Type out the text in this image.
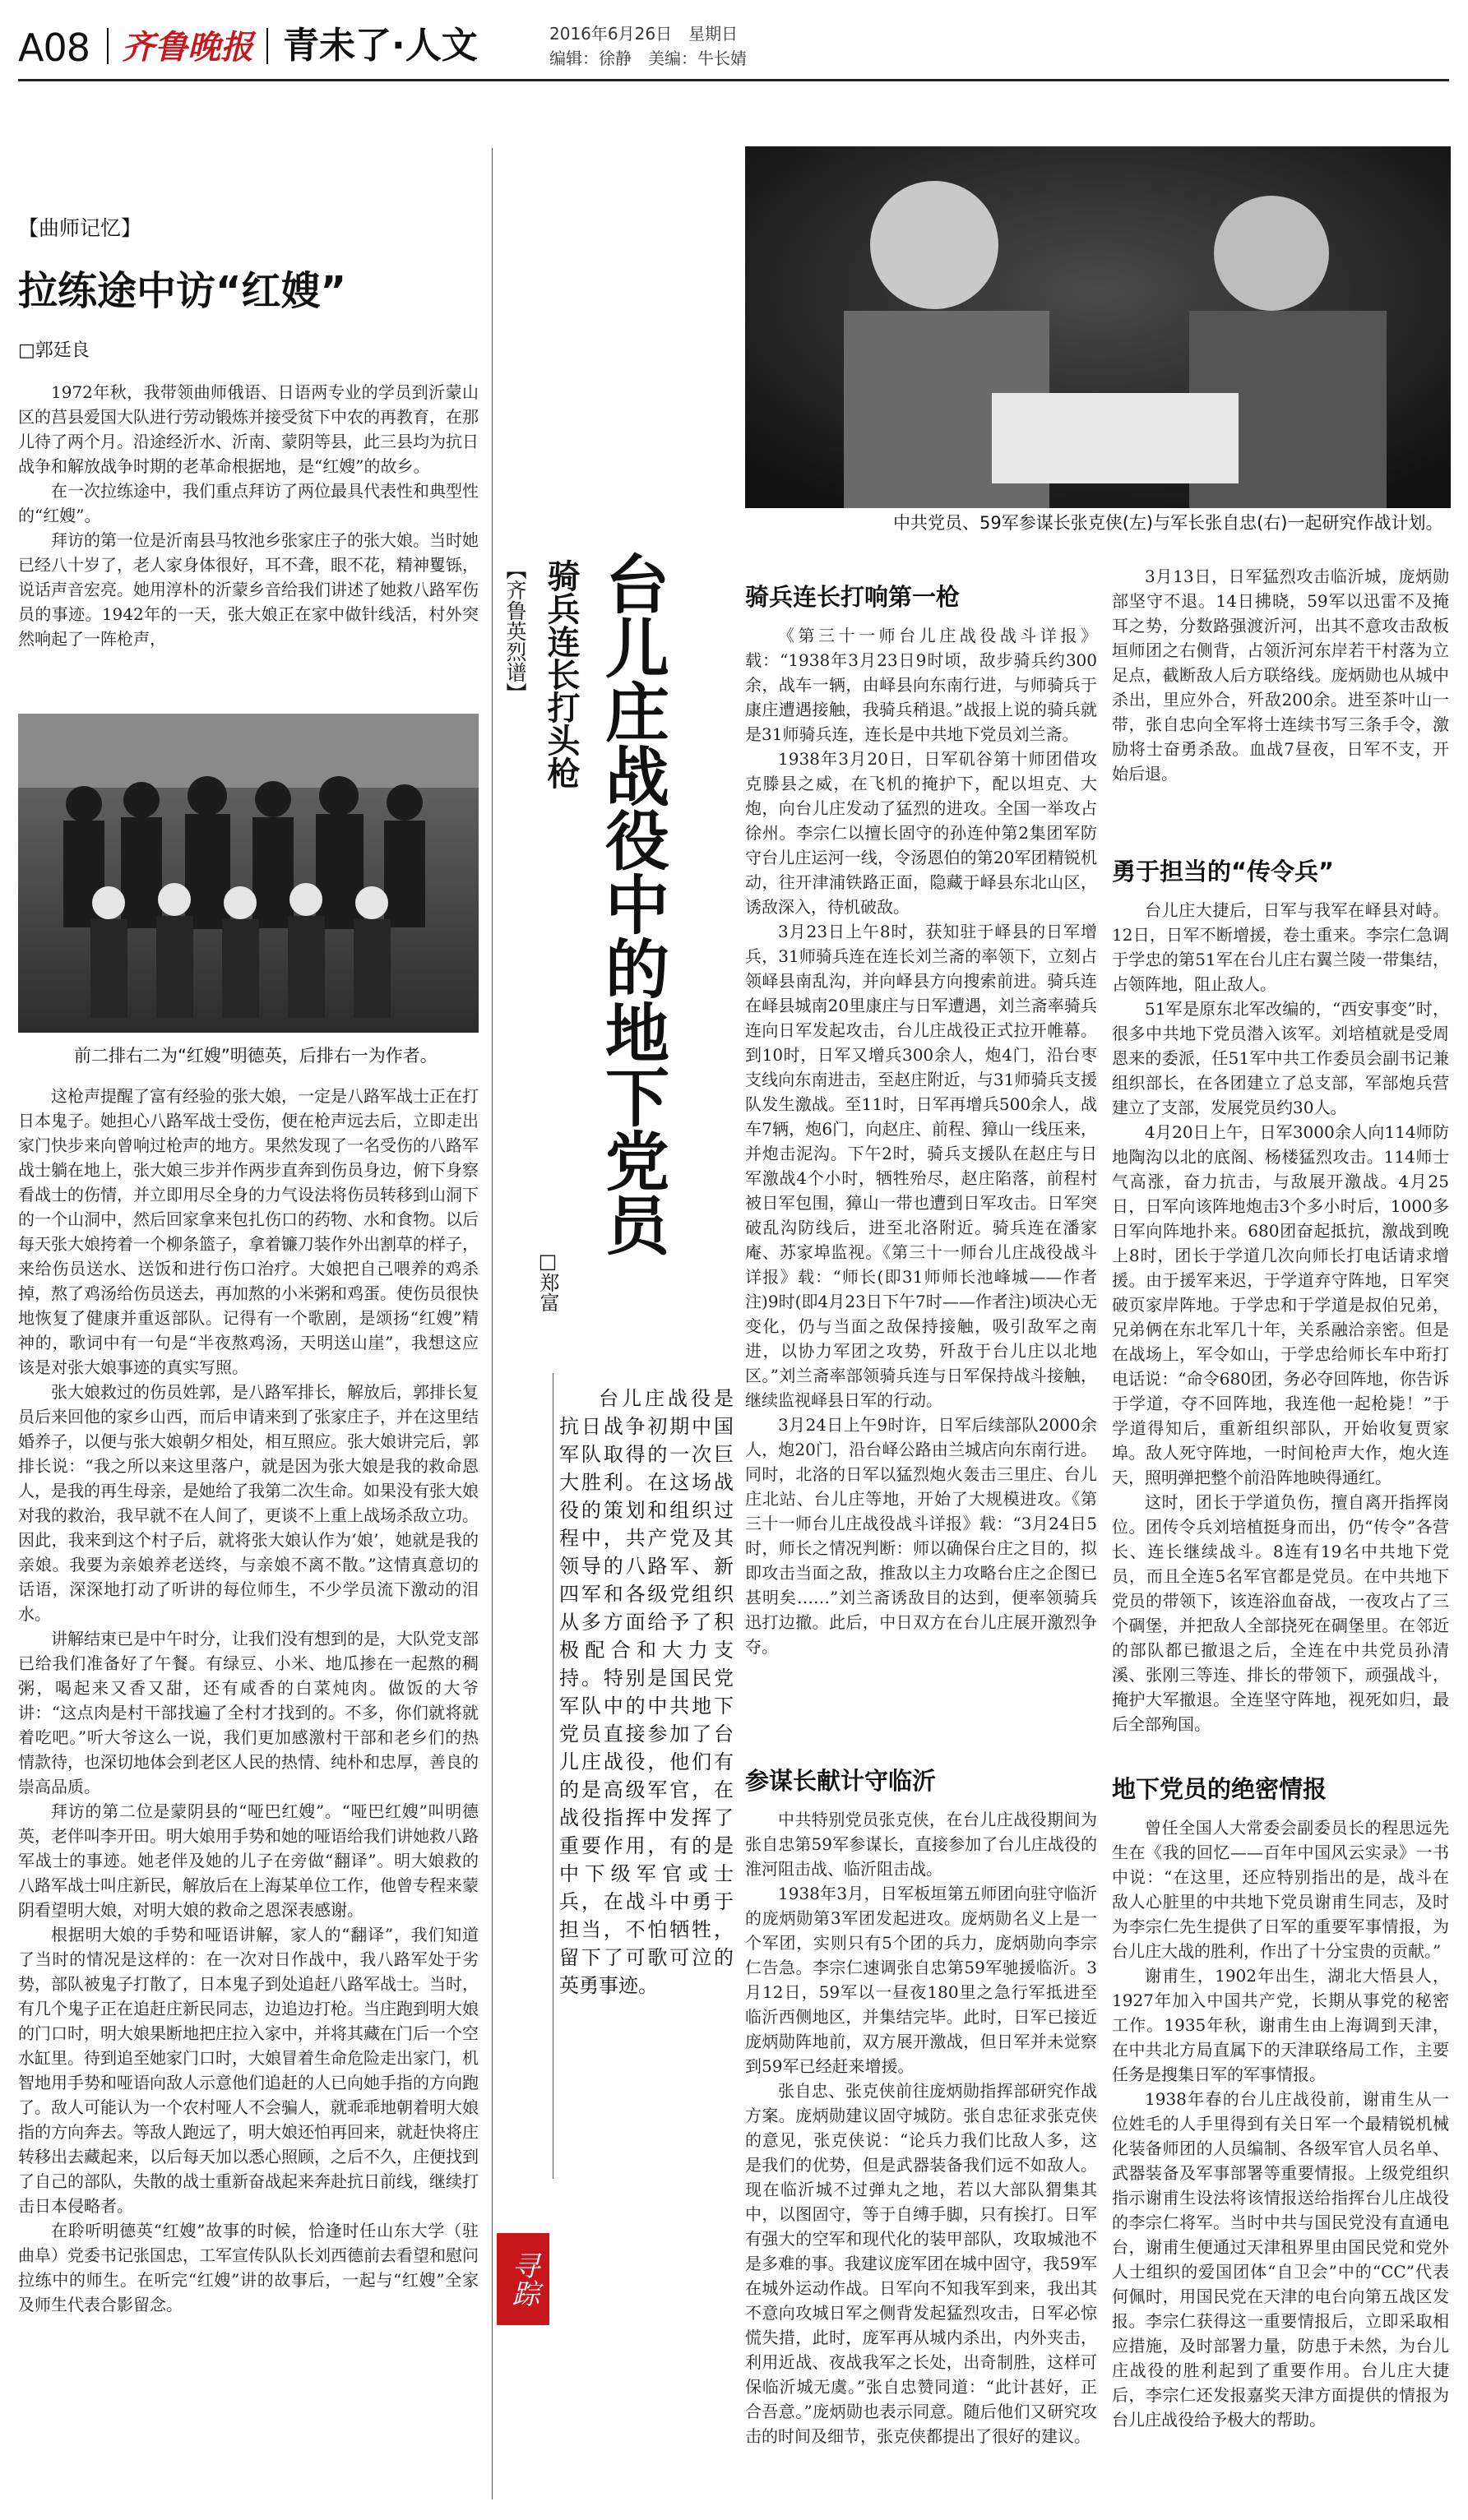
A08 齐鲁晚报 青未了·人文	2016年6月26日　 星期日
编辑：徐静　 美编：牛长婧
【曲师记忆】
拉练途中访“红嫂”
□郭廷良

1972年秋，我带领曲师俄语、日语两专业的学员到沂蒙山区的莒县爱国大队进行劳动锻炼并接受贫下中农的再教育，在那儿待了两个月。沿途经沂水、沂南、蒙阴等县，此三县均为抗日战争和解放战争时期的老革命根据地，是“红嫂”的故乡。

在一次拉练途中，我们重点拜访了两位最具代表性和典型性的“红嫂”。

拜访的第一位是沂南县马牧池乡张家庄子的张大娘。当时她已经八十岁了，老人家身体很好，耳不聋，眼不花，精神矍铄，说话声音宏亮。她用淳朴的沂蒙乡音给我们讲述了她救八路军伤员的事迹。1942年的一天，张大娘正在家中做针线活，村外突然响起了一阵枪声，

前二排右二为“红嫂”明德英，后排右一为作者。

这枪声提醒了富有经验的张大娘，一定是八路军战士正在打日本鬼子。她担心八路军战士受伤，便在枪声远去后，立即走出家门快步来向曾响过枪声的地方。果然发现了一名受伤的八路军战士躺在地上，张大娘三步并作两步直奔到伤员身边，俯下身察看战士的伤情，并立即用尽全身的力气设法将伤员转移到山洞下的一个山洞中，然后回家拿来包扎伤口的药物、水和食物。以后每天张大娘挎着一个柳条篮子，拿着镰刀装作外出割草的样子，来给伤员送水、送饭和进行伤口治疗。大娘把自己喂养的鸡杀掉，熬了鸡汤给伤员送去，再加熬的小米粥和鸡蛋。使伤员很快地恢复了健康并重返部队。记得有一个歌剧，是颂扬“红嫂”精神的，歌词中有一句是“半夜熬鸡汤，天明送山崖”，我想这应该是对张大娘事迹的真实写照。

张大娘救过的伤员姓郭，是八路军排长，解放后，郭排长复员后来回他的家乡山西，而后申请来到了张家庄子，并在这里结婚养子，以便与张大娘朝夕相处，相互照应。张大娘讲完后，郭排长说：“我之所以来这里落户，就是因为张大娘是我的救命恩人，是我的再生母亲，是她给了我第二次生命。如果没有张大娘对我的救治，我早就不在人间了，更谈不上重上战场杀敌立功。因此，我来到这个村子后，就将张大娘认作为‘娘’，她就是我的亲娘。我要为亲娘养老送终，与亲娘不离不散。”这情真意切的话语，深深地打动了听讲的每位师生，不少学员流下激动的泪水。

讲解结束已是中午时分，让我们没有想到的是，大队党支部已给我们准备好了午餐。有绿豆、小米、地瓜掺在一起熬的稠粥，喝起来又香又甜，还有咸香的白菜炖肉。做饭的大爷讲：“这点肉是村干部找遍了全村才找到的。不多，你们就将就着吃吧。”听大爷这么一说，我们更加感激村干部和老乡们的热情款待，也深切地体会到老区人民的热情、纯朴和忠厚，善良的崇高品质。

拜访的第二位是蒙阴县的“哑巴红嫂”。“哑巴红嫂”叫明德英，老伴叫李开田。明大娘用手势和她的哑语给我们讲她救八路军战士的事迹。她老伴及她的儿子在旁做“翻译”。明大娘救的八路军战士叫庄新民，解放后在上海某单位工作，他曾专程来蒙阴看望明大娘，对明大娘的救命之恩深表感谢。

根据明大娘的手势和哑语讲解，家人的“翻译”，我们知道了当时的情况是这样的：在一次对日作战中，我八路军处于劣势，部队被鬼子打散了，日本鬼子到处追赶八路军战士。当时，有几个鬼子正在追赶庄新民同志，边追边打枪。当庄跑到明大娘的门口时，明大娘果断地把庄拉入家中，并将其藏在门后一个空水缸里。待到追至她家门口时，大娘冒着生命危险走出家门，机智地用手势和哑语向敌人示意他们追赶的人已向她手指的方向跑了。敌人可能认为一个农村哑人不会骗人，就乖乖地朝着明大娘指的方向奔去。等敌人跑远了，明大娘还怕再回来，就赶快将庄转移出去藏起来，以后每天加以悉心照顾，之后不久，庄便找到了自己的部队，失散的战士重新奋战起来奔赴抗日前线，继续打击日本侵略者。

在聆听明德英“红嫂”故事的时候，恰逢时任山东大学（驻曲阜）党委书记张国忠，工军宣传队队长刘西德前去看望和慰问拉练中的师生。在听完“红嫂”讲的故事后，一起与“红嫂”全家及师生代表合影留念。

【齐鲁英烈谱】 骑兵连长打头枪 台儿庄战役中的地下党员
□郑富
中共党员、59军参谋长张克侠(左)与军长张自忠(右)一起研究作战计划。
台儿庄战役是抗日战争初期中国军队取得的一次巨大胜利。在这场战役的策划和组织过程中，共产党及其领导的八路军、新四军和各级党组织从多方面给予了积极配合和大力支持。特别是国民党军队中的中共地下党员直接参加了台儿庄战役，他们有的是高级军官，在战役指挥中发挥了重要作用，有的是中下级军官或士兵，在战斗中勇于担当，不怕牺牲，留下了可歌可泣的英勇事迹。
骑兵连长打响第一枪

《第三十一师台儿庄战役战斗详报》载：“1938年3月23日9时顷，敌步骑兵约300余，战车一辆，由峄县向东南行进，与师骑兵于康庄遭遇接触，我骑兵稍退。”战报上说的骑兵就是31师骑兵连，连长是中共地下党员刘兰斋。

1938年3月20日，日军矶谷第十师团借攻克滕县之威，在飞机的掩护下，配以坦克、大炮，向台儿庄发动了猛烈的进攻。全国一举攻占徐州。李宗仁以擅长固守的孙连仲第2集团军防守台儿庄运河一线，令汤恩伯的第20军团精锐机动，往开津浦铁路正面，隐藏于峄县东北山区，诱敌深入，待机破敌。

3月23日上午8时，获知驻于峄县的日军增兵，31师骑兵连在连长刘兰斋的率领下，立刻占领峄县南乱沟，并向峄县方向搜索前进。骑兵连在峄县城南20里康庄与日军遭遇，刘兰斋率骑兵连向日军发起攻击，台儿庄战役正式拉开帷幕。到10时，日军又增兵300余人，炮4门，沿台枣支线向东南进击，至赵庄附近，与31师骑兵支援队发生激战。至11时，日军再增兵500余人，战车7辆，炮6门，向赵庄、前程、獐山一线压来，并炮击泥沟。下午2时，骑兵支援队在赵庄与日军激战4个小时，牺牲殆尽，赵庄陷落，前程村被日军包围，獐山一带也遭到日军攻击。日军突破乱沟防线后，进至北洛附近。骑兵连在潘家庵、苏家埠监视。《第三十一师台儿庄战役战斗详报》载：“师长(即31师师长池峰城——作者注)9时(即4月23日下午7时——作者注)顷决心无变化，仍与当面之敌保持接触，吸引敌军之南进，以协力军团之攻势，歼敌于台儿庄以北地区。”刘兰斋率部领骑兵连与日军保持战斗接触，继续监视峄县日军的行动。

3月24日上午9时许，日军后续部队2000余人，炮20门，沿台峄公路由兰城店向东南行进。同时，北洛的日军以猛烈炮火轰击三里庄、台儿庄北站、台儿庄等地，开始了大规模进攻。《第三十一师台儿庄战役战斗详报》载：“3月24日5时，师长之情况判断：师以确保台庄之目的，拟即攻击当面之敌，推敌以主力攻略台庄之企图已甚明矣……”刘兰斋诱敌目的达到，便率领骑兵迅打边撤。此后，中日双方在台儿庄展开激烈争夺。

参谋长献计守临沂

中共特别党员张克侠，在台儿庄战役期间为张自忠第59军参谋长，直接参加了台儿庄战役的淮河阻击战、临沂阻击战。

1938年3月，日军板垣第五师团向驻守临沂的庞炳勋第3军团发起进攻。庞炳勋名义上是一个军团，实则只有5个团的兵力，庞炳勋向李宗仁告急。李宗仁速调张自忠第59军驰援临沂。3月12日，59军以一昼夜180里之急行军抵进至临沂西侧地区，并集结完毕。此时，日军已接近庞炳勋阵地前，双方展开激战，但日军并未觉察到59军已经赶来增援。

张自忠、张克侠前往庞炳勋指挥部研究作战方案。庞炳勋建议固守城防。张自忠征求张克侠的意见，张克侠说：“论兵力我们比敌人多，这是我们的优势，但是武器装备我们远不如敌人。现在临沂城不过弹丸之地，若以大部队猬集其中，以图固守，等于自缚手脚，只有挨打。日军有强大的空军和现代化的装甲部队，攻取城池不是多难的事。我建议庞军团在城中固守，我59军在城外运动作战。日军向不知我军到来，我出其不意向攻城日军之侧背发起猛烈攻击，日军必惊慌失措，此时，庞军再从城内杀出，内外夹击，利用近战、夜战我军之长处，出奇制胜，这样可保临沂城无虞。”张自忠赞同道：“此计甚好，正合吾意。”庞炳勋也表示同意。随后他们又研究攻击的时间及细节，张克侠都提出了很好的建议。

3月13日，日军猛烈攻击临沂城，庞炳勋部坚守不退。14日拂晓，59军以迅雷不及掩耳之势，分数路强渡沂河，出其不意攻击敌板垣师团之右侧背，占领沂河东岸若干村落为立足点，截断敌人后方联络线。庞炳勋也从城中杀出，里应外合，歼敌200余。进至茶叶山一带，张自忠向全军将士连续书写三条手令，激励将士奋勇杀敌。血战7昼夜，日军不支，开始后退。

勇于担当的“传令兵”

台儿庄大捷后，日军与我军在峄县对峙。12日，日军不断增援，卷土重来。李宗仁急调于学忠的第51军在台儿庄右翼兰陵一带集结，占领阵地，阻止敌人。

51军是原东北军改编的，“西安事变”时，很多中共地下党员潜入该军。刘培植就是受周恩来的委派，任51军中共工作委员会副书记兼组织部长，在各团建立了总支部，军部炮兵营建立了支部，发展党员约30人。

4月20日上午，日军3000余人向114师防地陶沟以北的底阁、杨楼猛烈攻击。114师士气高涨，奋力抗击，与敌展开激战。4月25日，日军向该阵地炮击3个多小时后，1000多日军向阵地扑来。680团奋起抵抗，激战到晚上8时，团长于学道几次向师长打电话请求增援。由于援军来迟，于学道弃守阵地，日军突破页家岸阵地。于学忠和于学道是叔伯兄弟，兄弟俩在东北军几十年，关系融洽亲密。但是在战场上，军令如山，于学忠给师长车中珩打电话说：“命令680团，务必夺回阵地，你告诉于学道，夺不回阵地，我连他一起枪毙！”于学道得知后，重新组织部队，开始收复贾家埠。敌人死守阵地，一时间枪声大作，炮火连天，照明弹把整个前沿阵地映得通红。

这时，团长于学道负伤，擅自离开指挥岗位。团传令兵刘培植挺身而出，仍“传令”各营长、连长继续战斗。8连有19名中共地下党员，而且全连5名军官都是党员。在中共地下党员的带领下，该连浴血奋战，一夜攻占了三个碉堡，并把敌人全部挠死在碉堡里。在邻近的部队都已撤退之后，全连在中共党员孙清溪、张刚三等连、排长的带领下，顽强战斗，掩护大军撤退。全连坚守阵地，视死如归，最后全部殉国。

地下党员的绝密情报

曾任全国人大常委会副委员长的程思远先生在《我的回忆——百年中国风云实录》一书中说：“在这里，还应特别指出的是，战斗在敌人心脏里的中共地下党员谢甫生同志，及时为李宗仁先生提供了日军的重要军事情报，为台儿庄大战的胜利，作出了十分宝贵的贡献。”

谢甫生，1902年出生，湖北大悟县人，1927年加入中国共产党，长期从事党的秘密工作。1935年秋，谢甫生由上海调到天津，在中共北方局直属下的天津联络局工作，主要任务是搜集日军的军事情报。

1938年春的台儿庄战役前，谢甫生从一位姓毛的人手里得到有关日军一个最精锐机械化装备师团的人员编制、各级军官人员名单、武器装备及军事部署等重要情报。上级党组织指示谢甫生设法将该情报送给指挥台儿庄战役的李宗仁将军。当时中共与国民党没有直通电台，谢甫生便通过天津租界里由国民党和党外人士组织的爱国团体“自卫会”中的“CC”代表何佩时，用国民党在天津的电台向第五战区发报。李宗仁获得这一重要情报后，立即采取相应措施，及时部署力量，防患于未然，为台儿庄战役的胜利起到了重要作用。台儿庄大捷后，李宗仁还发报嘉奖天津方面提供的情报为台儿庄战役给予极大的帮助。

寻踪
